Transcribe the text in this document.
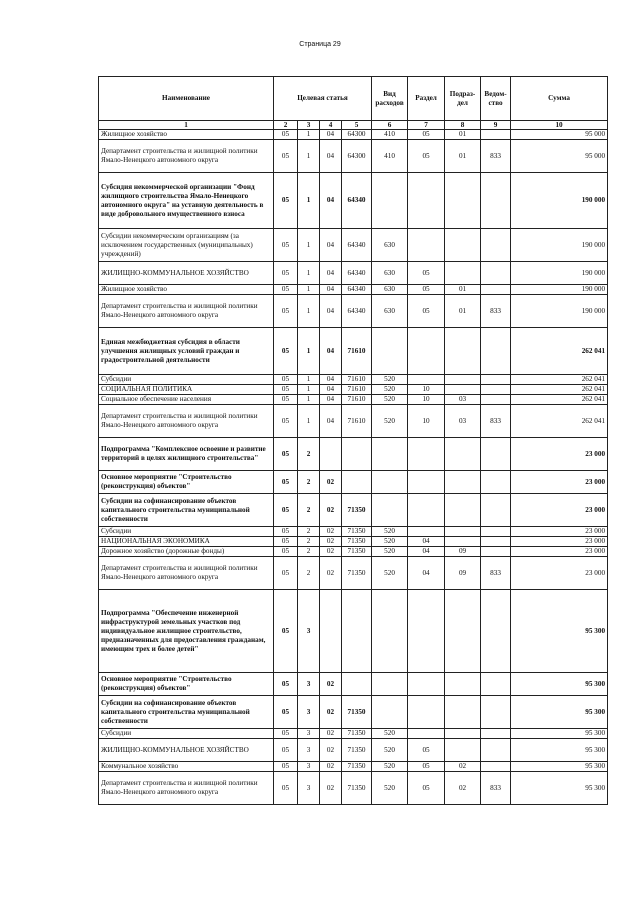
Страница 29
Наименование	Целевая статья				Вид расходов	Раздел	Подраз-дел	Ведом-ство	Сумма
1	2	3	4	5	6	7	8	9	10
Жилищное хозяйство	05	1	04	64300	410	05	01		95 000
Департамент строительства и жилищной политики Ямало-Ненецкого автономного округа	05	1	04	64300	410	05	01	833	95 000
Субсидия некоммерческой организации "Фонд жилищного строительства Ямало-Ненецкого автономного округа" на уставную деятельность в виде добровольного имущественного взноса	05	1	04	64340					190 000
Субсидии некоммерческим организациям (за исключением государственных (муниципальных) учреждений)	05	1	04	64340	630				190 000
ЖИЛИЩНО-КОММУНАЛЬНОЕ ХОЗЯЙСТВО	05	1	04	64340	630	05			190 000
Жилищное хозяйство	05	1	04	64340	630	05	01		190 000
Департамент строительства и жилищной политики Ямало-Ненецкого автономного округа	05	1	04	64340	630	05	01	833	190 000
Единая межбюджетная субсидия в области улучшения жилищных условий граждан и градостроительной деятельности	05	1	04	71610					262 041
Субсидии	05	1	04	71610	520				262 041
СОЦИАЛЬНАЯ ПОЛИТИКА	05	1	04	71610	520	10			262 041
Социальное обеспечение населения	05	1	04	71610	520	10	03		262 041
Департамент строительства и жилищной политики Ямало-Ненецкого автономного округа	05	1	04	71610	520	10	03	833	262 041
Подпрограмма "Комплексное освоение и развитие территорий в целях жилищного строительства"	05	2							23 000
Основное мероприятие "Строительство (реконструкция) объектов"	05	2	02						23 000
Субсидии на софинансирование объектов капитального строительства муниципальной собственности	05	2	02	71350					23 000
Субсидии	05	2	02	71350	520				23 000
НАЦИОНАЛЬНАЯ ЭКОНОМИКА	05	2	02	71350	520	04			23 000
Дорожное хозяйство (дорожные фонды)	05	2	02	71350	520	04	09		23 000
Департамент строительства и жилищной политики Ямало-Ненецкого автономного округа	05	2	02	71350	520	04	09	833	23 000
Подпрограмма "Обеспечение инженерной инфраструктурой земельных участков под индивидуальное жилищное строительство, предназначенных для предоставления гражданам, имеющим трех и более детей"	05	3							95 300
Основное мероприятие "Строительство (реконструкция) объектов"	05	3	02						95 300
Субсидии на софинансирование объектов капитального строительства муниципальной собственности	05	3	02	71350					95 300
Субсидии	05	3	02	71350	520				95 300
ЖИЛИЩНО-КОММУНАЛЬНОЕ ХОЗЯЙСТВО	05	3	02	71350	520	05			95 300
Коммунальное хозяйство	05	3	02	71350	520	05	02		95 300
Департамент строительства и жилищной политики Ямало-Ненецкого автономного округа	05	3	02	71350	520	05	02	833	95 300
